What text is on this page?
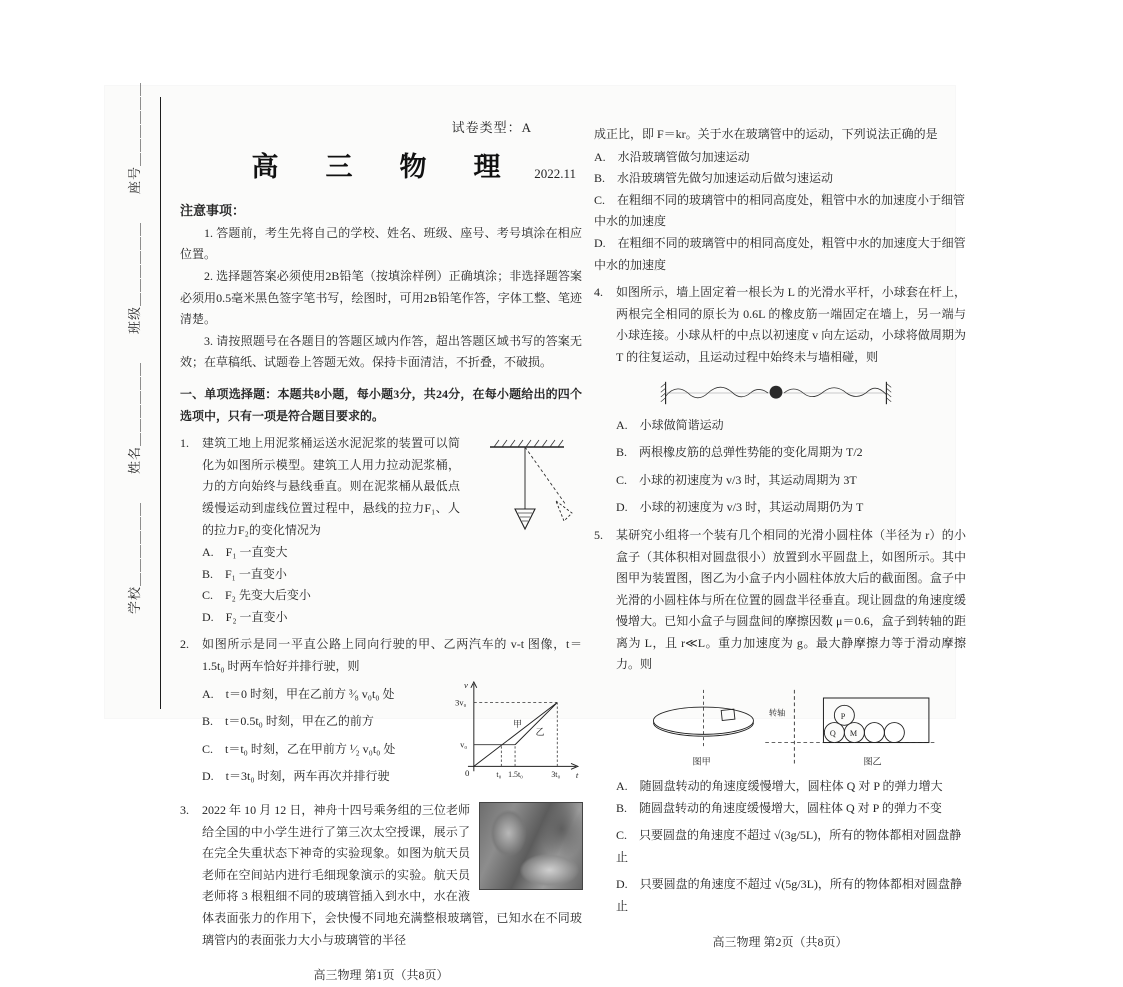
学校＿＿＿＿＿＿　　姓名＿＿＿＿＿＿　　班级＿＿＿＿＿＿　　座号＿＿＿＿＿＿	试卷类型：A
高　三　物　理	2022.11
注意事项：

1. 答题前，考生先将自己的学校、姓名、班级、座号、考号填涂在相应位置。

2. 选择题答案必须使用2B铅笔（按填涂样例）正确填涂；非选择题答案必须用0.5毫米黑色签字笔书写，绘图时，可用2B铅笔作答，字体工整、笔迹清楚。

3. 请按照题号在各题目的答题区域内作答，超出答题区域书写的答案无效；在草稿纸、试题卷上答题无效。保持卡面清洁，不折叠，不破损。

一、单项选择题：本题共8小题，每小题3分，共24分，在每小题给出的四个选项中，只有一项是符合题目要求的。

1. 建筑工地上用泥浆桶运送水泥泥浆的装置可以简化为如图所示模型。建筑工人用力拉动泥浆桶，力的方向始终与悬线垂直。则在泥浆桶从最低点缓慢运动到虚线位置过程中，悬线的拉力F₁、人的拉力F₂的变化情况为

A.　F₁ 一直变大
B.　F₁ 一直变小
C.　F₂ 先变大后变小
D.　F₂ 一直变小
2. 如图所示是同一平直公路上同向行驶的甲、乙两汽车的 v-t 图像，t＝1.5t₀ 时两车恰好并排行驶，则

v
t
0
3v₀
v₀
t₀ 1.5t₀	3t₀
甲
乙
A.　t＝0 时刻，甲在乙前方 ³⁄₈ v₀t₀ 处
B.　t＝0.5t₀ 时刻，甲在乙的前方
C.　t＝t₀ 时刻，乙在甲前方 ¹⁄₂ v₀t₀ 处
D.　t＝3t₀ 时刻，两车再次并排行驶
3. 2022 年 10 月 12 日，神舟十四号乘务组的三位老师给全国的中小学生进行了第三次太空授课，展示了在完全失重状态下神奇的实验现象。如图为航天员老师在空间站内进行毛细现象演示的实验。航天员老师将 3 根粗细不同的玻璃管插入到水中，水在液体表面张力的作用下，会快慢不同地充满整根玻璃管，已知水在不同玻璃管内的表面张力大小与玻璃管的半径

高三物理 第1页（共8页）

成正比，即 F＝kr。关于水在玻璃管中的运动，下列说法正确的是

A.　水沿玻璃管做匀加速运动
B.　水沿玻璃管先做匀加速运动后做匀速运动
C.　在粗细不同的玻璃管中的相同高度处，粗管中水的加速度小于细管中水的加速度
D.　在粗细不同的玻璃管中的相同高度处，粗管中水的加速度大于细管中水的加速度
4. 如图所示，墙上固定着一根长为 L 的光滑水平杆，小球套在杆上，两根完全相同的原长为 0.6L 的橡皮筋一端固定在墙上，另一端与小球连接。小球从杆的中点以初速度 v 向左运动，小球将做周期为 T 的往复运动，且运动过程中始终未与墙相碰，则

A.　小球做简谐运动
B.　两根橡皮筋的总弹性势能的变化周期为 T/2
C.　小球的初速度为 v/3 时，其运动周期为 3T
D.　小球的初速度为 v/3 时，其运动周期仍为 T
5. 某研究小组将一个装有几个相同的光滑小圆柱体（半径为 r）的小盒子（其体积相对圆盘很小）放置到水平圆盘上，如图所示。其中图甲为装置图，图乙为小盒子内小圆柱体放大后的截面图。盒子中光滑的小圆柱体与所在位置的圆盘半径垂直。现让圆盘的角速度缓慢增大。已知小盒子与圆盘间的摩擦因数 μ＝0.6，盒子到转轴的距离为 L，且 r≪L。重力加速度为 g。最大静摩擦力等于滑动摩擦力。则

图甲
转轴	P
Q M
图乙
A.　随圆盘转动的角速度缓慢增大，圆柱体 Q 对 P 的弹力增大
B.　随圆盘转动的角速度缓慢增大，圆柱体 Q 对 P 的弹力不变
C.　只要圆盘的角速度不超过 √(3g/5L)，所有的物体都相对圆盘静止
D.　只要圆盘的角速度不超过 √(5g/3L)，所有的物体都相对圆盘静止
高三物理 第2页（共8页）
